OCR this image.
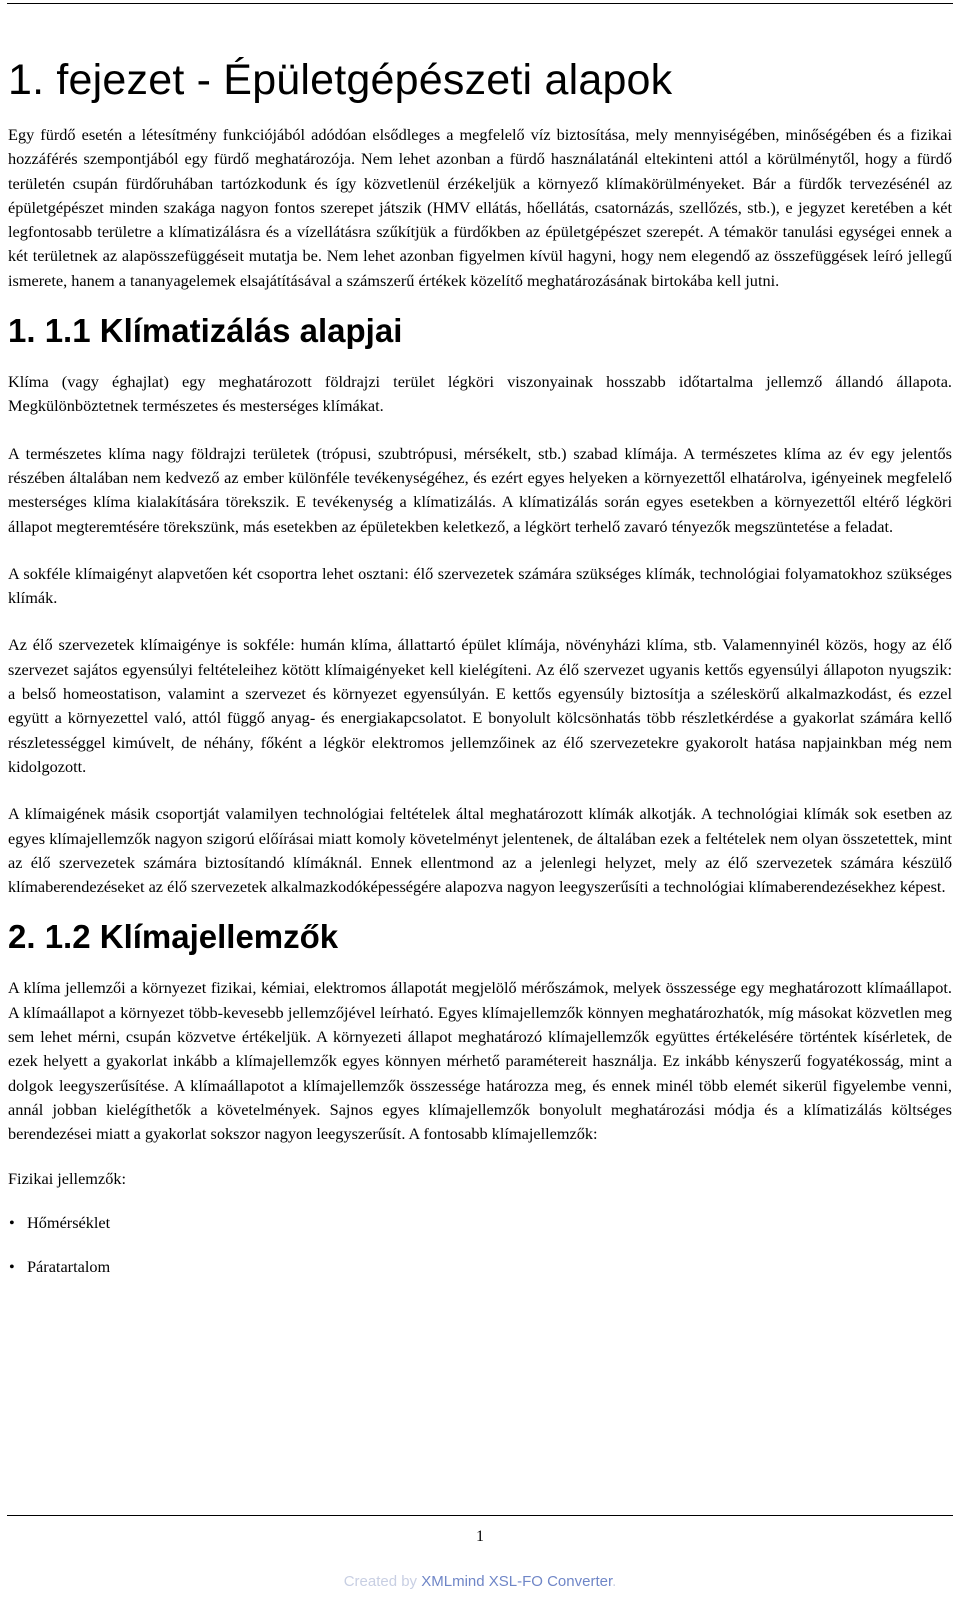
1. fejezet - Épületgépészeti alapok

Egy fürdő esetén a létesítmény funkciójából adódóan elsődleges a megfelelő víz biztosítása, mely mennyiségében, minőségében és a fizikai hozzáférés szempontjából egy fürdő meghatározója. Nem lehet azonban a fürdő használatánál eltekinteni attól a körülménytől, hogy a fürdő területén csupán fürdőruhában tartózkodunk és így közvetlenül érzékeljük a környező klímakörülményeket. Bár a fürdők tervezésénél az épületgépészet minden szakága nagyon fontos szerepet játszik (HMV ellátás, hőellátás, csatornázás, szellőzés, stb.), e jegyzet keretében a két legfontosabb területre a klímatizálásra és a vízellátásra szűkítjük a fürdőkben az épületgépészet szerepét. A témakör tanulási egységei ennek a két területnek az alapösszefüggéseit mutatja be. Nem lehet azonban figyelmen kívül hagyni, hogy nem elegendő az összefüggések leíró jellegű ismerete, hanem a tananyagelemek elsajátításával a számszerű értékek közelítő meghatározásának birtokába kell jutni.

1. 1.1 Klímatizálás alapjai

Klíma (vagy éghajlat) egy meghatározott földrajzi terület légköri viszonyainak hosszabb időtartalma jellemző állandó állapota. Megkülönböztetnek természetes és mesterséges klímákat.

A természetes klíma nagy földrajzi területek (trópusi, szubtrópusi, mérsékelt, stb.) szabad klímája. A természetes klíma az év egy jelentős részében általában nem kedvező az ember különféle tevékenységéhez, és ezért egyes helyeken a környezettől elhatárolva, igényeinek megfelelő mesterséges klíma kialakítására törekszik. E tevékenység a klímatizálás. A klímatizálás során egyes esetekben a környezettől eltérő légköri állapot megteremtésére törekszünk, más esetekben az épületekben keletkező, a légkört terhelő zavaró tényezők megszüntetése a feladat.

A sokféle klímaigényt alapvetően két csoportra lehet osztani: élő szervezetek számára szükséges klímák, technológiai folyamatokhoz szükséges klímák.

Az élő szervezetek klímaigénye is sokféle: humán klíma, állattartó épület klímája, növényházi klíma, stb. Valamennyinél közös, hogy az élő szervezet sajátos egyensúlyi feltételeihez kötött klímaigényeket kell kielégíteni. Az élő szervezet ugyanis kettős egyensúlyi állapoton nyugszik: a belső homeostatison, valamint a szervezet és környezet egyensúlyán. E kettős egyensúly biztosítja a széleskörű alkalmazkodást, és ezzel együtt a környezettel való, attól függő anyag- és energiakapcsolatot. E bonyolult kölcsönhatás több részletkérdése a gyakorlat számára kellő részletességgel kimúvelt, de néhány, főként a légkör elektromos jellemzőinek az élő szervezetekre gyakorolt hatása napjainkban még nem kidolgozott.

A klímaigének másik csoportját valamilyen technológiai feltételek által meghatározott klímák alkotják. A technológiai klímák sok esetben az egyes klímajellemzők nagyon szigorú előírásai miatt komoly követelményt jelentenek, de általában ezek a feltételek nem olyan összetettek, mint az élő szervezetek számára biztosítandó klímáknál. Ennek ellentmond az a jelenlegi helyzet, mely az élő szervezetek számára készülő klímaberendezéseket az élő szervezetek alkalmazkodóképességére alapozva nagyon leegyszerűsíti a technológiai klímaberendezésekhez képest.

2. 1.2 Klímajellemzők

A klíma jellemzői a környezet fizikai, kémiai, elektromos állapotát megjelölő mérőszámok, melyek összessége egy meghatározott klímaállapot. A klímaállapot a környezet több-kevesebb jellemzőjével leírható. Egyes klímajellemzők könnyen meghatározhatók, míg másokat közvetlen meg sem lehet mérni, csupán közvetve értékeljük. A környezeti állapot meghatározó klímajellemzők együttes értékelésére történtek kísérletek, de ezek helyett a gyakorlat inkább a klímajellemzők egyes könnyen mérhető paramétereit használja. Ez inkább kényszerű fogyatékosság, mint a dolgok leegyszerűsítése. A klímaállapotot a klímajellemzők összessége határozza meg, és ennek minél több elemét sikerül figyelembe venni, annál jobban kielégíthetők a követelmények. Sajnos egyes klímajellemzők bonyolult meghatározási módja és a klímatizálás költséges berendezései miatt a gyakorlat sokszor nagyon leegyszerűsít. A fontosabb klímajellemzők:

Fizikai jellemzők:

• Hőmérséklet
• Páratartalom
1
Created by XMLmind XSL-FO Converter.
